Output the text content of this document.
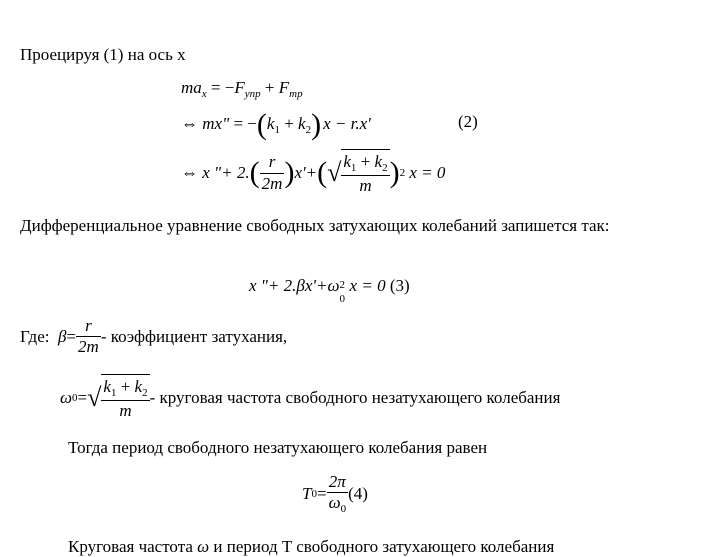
Проецируя (1) на ось x
$ma_x = -F_{упр} + F_{тр}$
⇔ mx" = $-(k_1 + k_2) x - r.x'$	(2)
⇔
x "+ 2. ( $\frac{r}{2m}$ ) x'+ ( √ $\frac{k_1 + k_2}{m}$ ) 2
x = 0
Дифференциальное уравнение свободных затухающих колебаний запишется так:
x "+ 2.βx'+ω 2
0
x = 0 (3)
Где:
$\beta = \frac{r}{2m}$ - коэффициент затухания,
ω 0 = √ $\frac{k_1 + k_2}{m}$ - круговая частота свободного незатухающего колебания
Тогда период свободного незатухающего колебания равен
T $0 = \frac{2\pi}{\omega_0} (4)$
Круговая частота ω и период T свободного затухающего колебания
